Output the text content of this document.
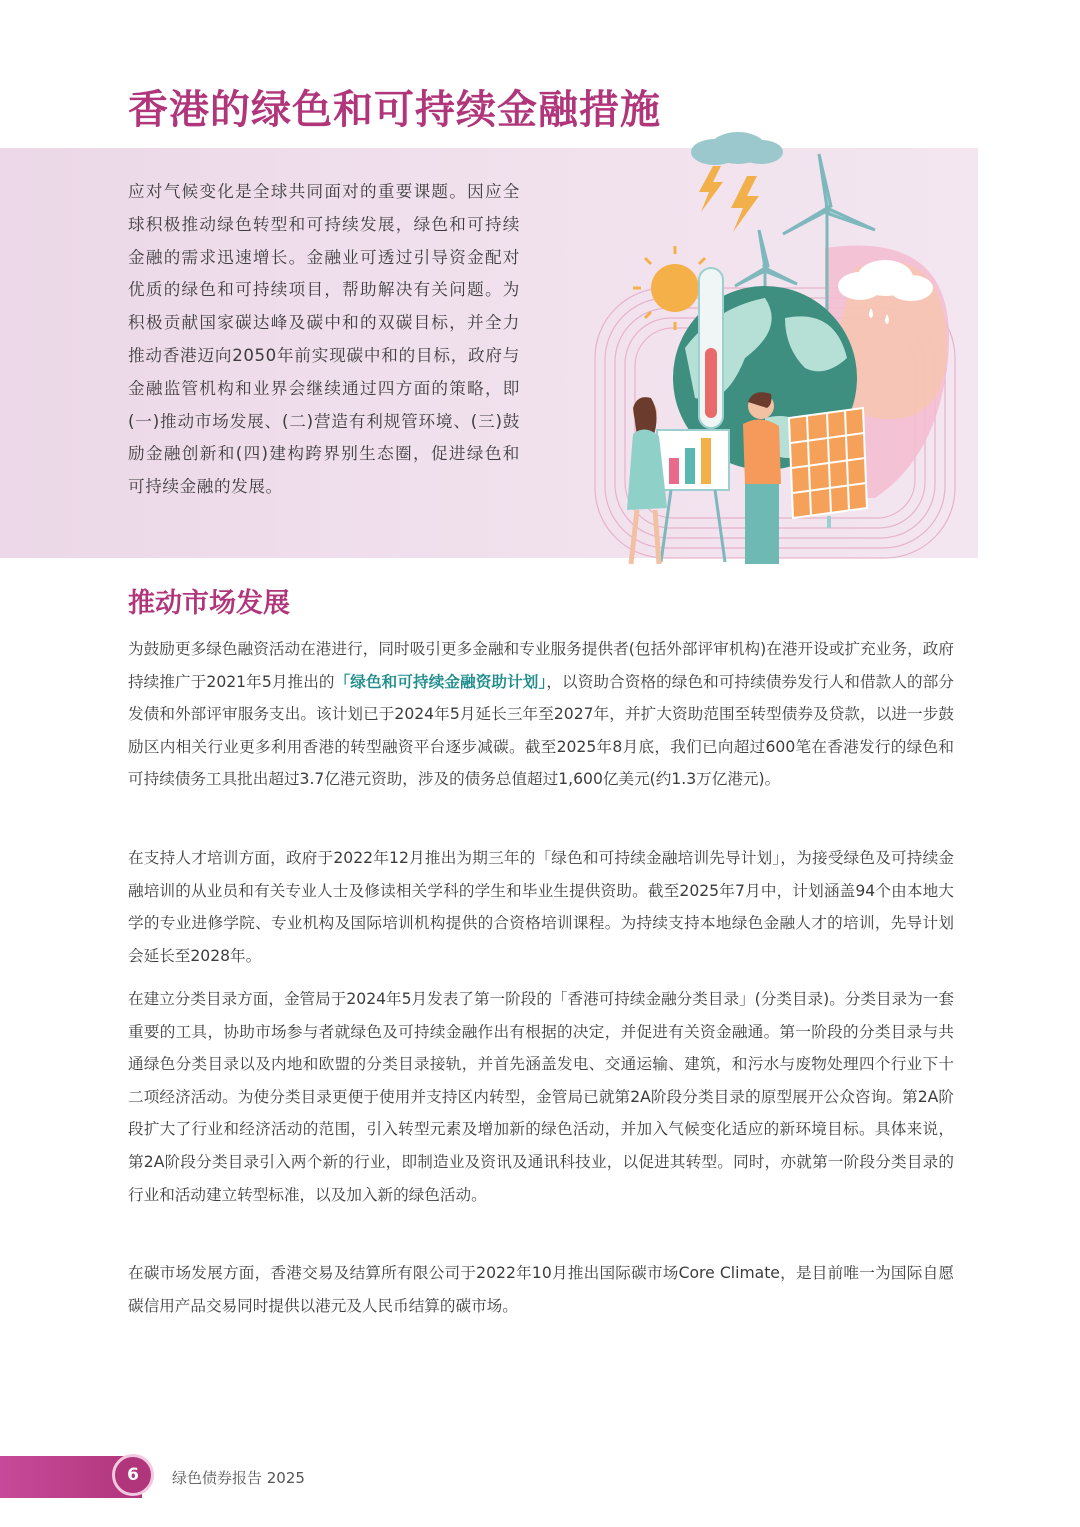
香港的绿色和可持续金融措施
应对气候变化是全球共同面对的重要课题。因应全球积极推动绿色转型和可持续发展，绿色和可持续金融的需求迅速增长。金融业可透过引导资金配对优质的绿色和可持续项目，帮助解决有关问题。为积极贡献国家碳达峰及碳中和的双碳目标，并全力推动香港迈向2050年前实现碳中和的目标，政府与金融监管机构和业界会继续通过四方面的策略，即(一)推动市场发展、(二)营造有利规管环境、(三)鼓励金融创新和(四)建构跨界别生态圈，促进绿色和可持续金融的发展。
推动市场发展

为鼓励更多绿色融资活动在港进行，同时吸引更多金融和专业服务提供者(包括外部评审机构)在港开设或扩充业务，政府持续推广于2021年5月推出的「绿色和可持续金融资助计划」，以资助合资格的绿色和可持续债券发行人和借款人的部分发债和外部评审服务支出。该计划已于2024年5月延长三年至2027年，并扩大资助范围至转型债券及贷款，以进一步鼓励区内相关行业更多利用香港的转型融资平台逐步减碳。截至2025年8月底，我们已向超过600笔在香港发行的绿色和可持续债务工具批出超过3.7亿港元资助，涉及的债务总值超过1,600亿美元(约1.3万亿港元)。

在支持人才培训方面，政府于2022年12月推出为期三年的「绿色和可持续金融培训先导计划」，为接受绿色及可持续金融培训的从业员和有关专业人士及修读相关学科的学生和毕业生提供资助。截至2025年7月中，计划涵盖94个由本地大学的专业进修学院、专业机构及国际培训机构提供的合资格培训课程。为持续支持本地绿色金融人才的培训，先导计划会延长至2028年。

在建立分类目录方面，金管局于2024年5月发表了第一阶段的「香港可持续金融分类目录」(分类目录)。分类目录为一套重要的工具，协助市场参与者就绿色及可持续金融作出有根据的决定，并促进有关资金融通。第一阶段的分类目录与共通绿色分类目录以及内地和欧盟的分类目录接轨，并首先涵盖发电、交通运输、建筑，和污水与废物处理四个行业下十二项经济活动。为使分类目录更便于使用并支持区内转型，金管局已就第2A阶段分类目录的原型展开公众咨询。第2A阶段扩大了行业和经济活动的范围，引入转型元素及增加新的绿色活动，并加入气候变化适应的新环境目标。具体来说，第2A阶段分类目录引入两个新的行业，即制造业及资讯及通讯科技业，以促进其转型。同时，亦就第一阶段分类目录的行业和活动建立转型标准，以及加入新的绿色活动。

在碳市场发展方面，香港交易及结算所有限公司于2022年10月推出国际碳市场Core Climate，是目前唯一为国际自愿碳信用产品交易同时提供以港元及人民币结算的碳市场。

6	绿色债券报告 2025
